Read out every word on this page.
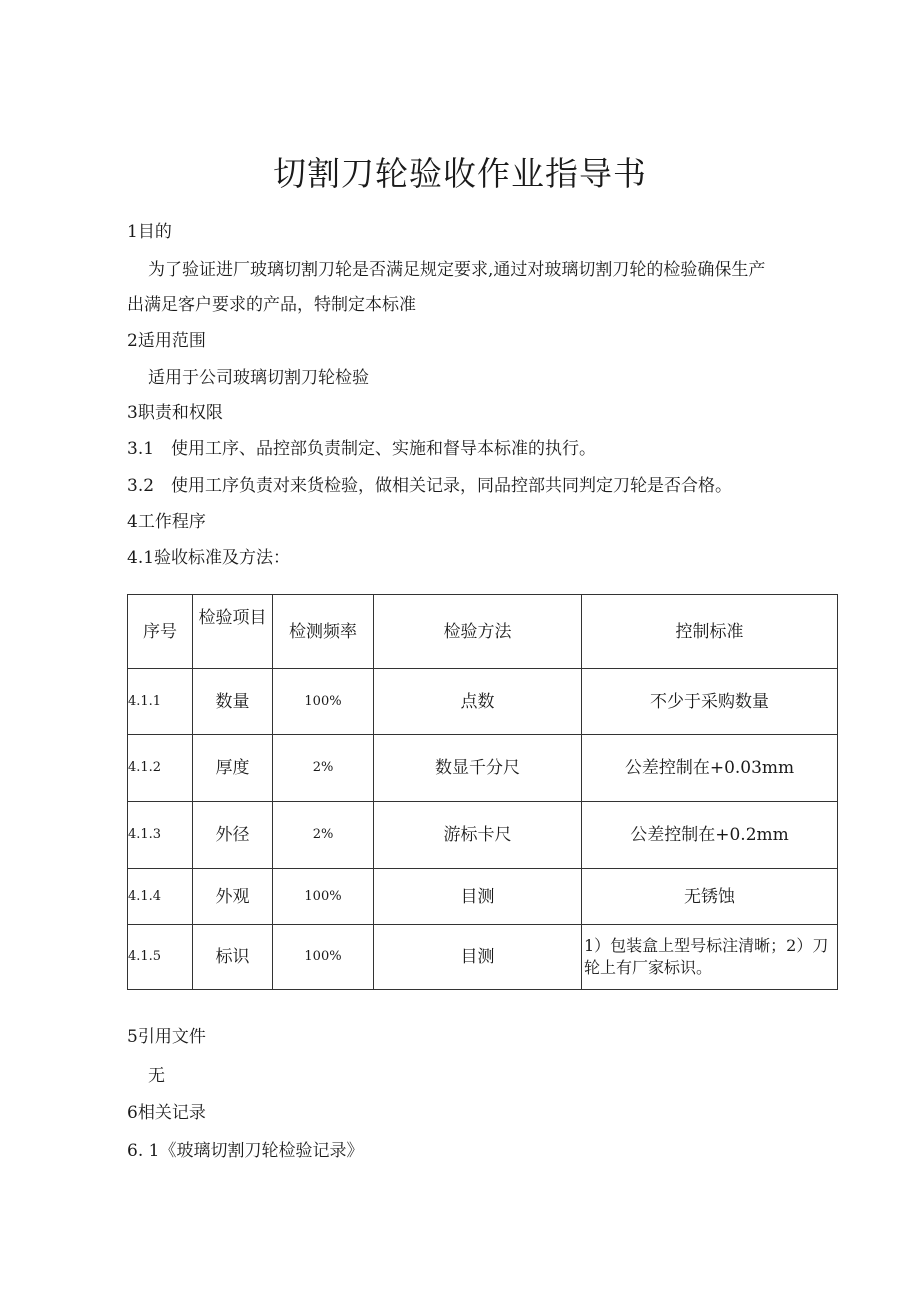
切割刀轮验收作业指导书
1目的
为了验证进厂玻璃切割刀轮是否满足规定要求,通过对玻璃切割刀轮的检验确保生产
出满足客户要求的产品，特制定本标准
2适用范围
适用于公司玻璃切割刀轮检验
3职责和权限
3.1　使用工序、品控部负责制定、实施和督导本标准的执行。
3.2　使用工序负责对来货检验，做相关记录，同品控部共同判定刀轮是否合格。
4工作程序
4.1验收标准及方法：
序号	检验项目	检测频率	检验方法	控制标准
4.1.1	数量	100%	点数	不少于采购数量
4.1.2	厚度	2%	数显千分尺	公差控制在+0.03mm
4.1.3	外径	2%	游标卡尺	公差控制在+0.2mm
4.1.4	外观	100%	目测	无锈蚀
4.1.5	标识	100%	目测	1）包装盒上型号标注清晰；2）刀轮上有厂家标识。
5引用文件
无
6相关记录
6. 1《玻璃切割刀轮检验记录》
